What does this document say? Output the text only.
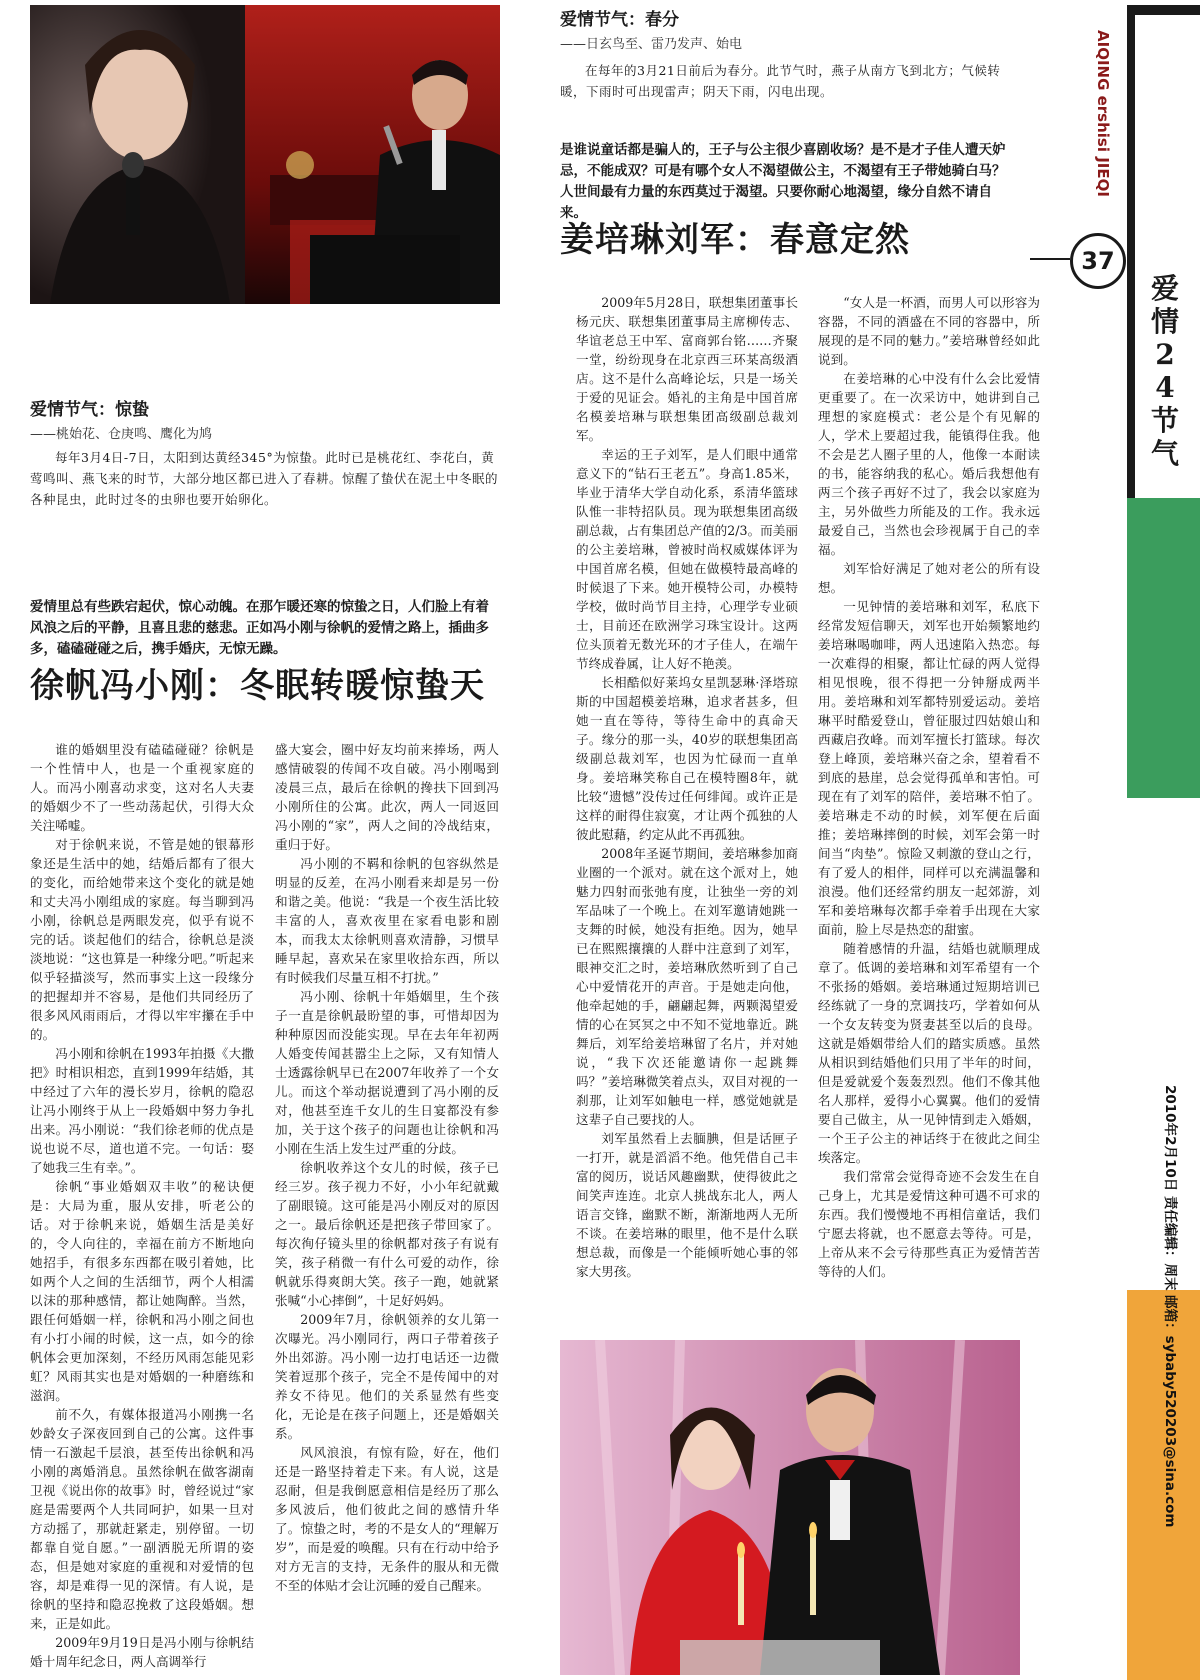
爱情节气：惊蛰
——桃始花、仓庚鸣、鹰化为鸠
每年3月4日-7日，太阳到达黄经345°为惊蛰。此时已是桃花红、李花白，黄莺鸣叫、燕飞来的时节，大部分地区都已进入了春耕。惊醒了蛰伏在泥土中冬眠的各种昆虫，此时过冬的虫卵也要开始卵化。
爱情里总有些跌宕起伏，惊心动魄。在那乍暖还寒的惊蛰之日，人们脸上有着风浪之后的平静，且喜且悲的慈悲。正如冯小刚与徐帆的爱情之路上，插曲多多，磕磕碰碰之后，携手婚庆，无惊无躁。
徐帆冯小刚：冬眠转暖惊蛰天

谁的婚姻里没有磕磕碰碰？徐帆是一个性情中人，也是一个重视家庭的人。而冯小刚喜动求变，这对名人夫妻的婚姻少不了一些动荡起伏，引得大众关注唏嘘。

对于徐帆来说，不管是她的银幕形象还是生活中的她，结婚后都有了很大的变化，而给她带来这个变化的就是她和丈夫冯小刚组成的家庭。每当聊到冯小刚，徐帆总是两眼发亮，似乎有说不完的话。谈起他们的结合，徐帆总是淡淡地说：“这也算是一种缘分吧。”听起来似乎轻描淡写，然而事实上这一段缘分的把握却并不容易，是他们共同经历了很多风风雨雨后，才得以牢牢攥在手中的。

冯小刚和徐帆在1993年拍摄《大撒把》时相识相恋，直到1999年结婚，其中经过了六年的漫长岁月，徐帆的隐忍让冯小刚终于从上一段婚姻中努力争扎出来。冯小刚说：“我们徐老师的优点是说也说不尽，道也道不完。一句话：娶了她我三生有幸。”。

徐帆“事业婚姻双丰收”的秘诀便是：大局为重，服从安排，听老公的话。对于徐帆来说，婚姻生活是美好的，令人向往的，幸福在前方不断地向她招手，有很多东西都在吸引着她，比如两个人之间的生活细节，两个人相濡以沫的那种感情，都让她陶醉。当然，跟任何婚姻一样，徐帆和冯小刚之间也有小打小闹的时候，这一点，如今的徐帆体会更加深刻，不经历风雨怎能见彩虹？风雨其实也是对婚姻的一种磨练和滋润。

前不久，有媒体报道冯小刚携一名妙龄女子深夜回到自己的公寓。这件事情一石激起千层浪，甚至传出徐帆和冯小刚的离婚消息。虽然徐帆在做客湖南卫视《说出你的故事》时，曾经说过“家庭是需要两个人共同呵护，如果一旦对方动摇了，那就赶紧走，别停留。一切都靠自觉自愿。”一副洒脱无所谓的姿态，但是她对家庭的重视和对爱情的包容，却是难得一见的深情。有人说，是徐帆的坚持和隐忍挽救了这段婚姻。想来，正是如此。

2009年9月19日是冯小刚与徐帆结婚十周年纪念日，两人高调举行

盛大宴会，圈中好友均前来捧场，两人感情破裂的传闻不攻自破。冯小刚喝到凌晨三点，最后在徐帆的搀扶下回到冯小刚所住的公寓。此次，两人一同返回冯小刚的“家”，两人之间的冷战结束，重归于好。

冯小刚的不羁和徐帆的包容纵然是明显的反差，在冯小刚看来却是另一份和谐之美。他说：“我是一个夜生活比较丰富的人，喜欢夜里在家看电影和剧本，而我太太徐帆则喜欢清静，习惯早睡早起，喜欢呆在家里收拾东西，所以有时候我们尽量互相不打扰。”

冯小刚、徐帆十年婚姻里，生个孩子一直是徐帆最盼望的事，可惜却因为种种原因而没能实现。早在去年年初两人婚变传闻甚嚣尘上之际，又有知情人士透露徐帆早已在2007年收养了一个女儿。而这个举动据说遭到了冯小刚的反对，他甚至连千女儿的生日宴都没有参加，关于这个孩子的问题也让徐帆和冯小刚在生活上发生过严重的分歧。

徐帆收养这个女儿的时候，孩子已经三岁。孩子视力不好，小小年纪就戴了副眼镜。这可能是冯小刚反对的原因之一。最后徐帆还是把孩子带回家了。每次徇仔镜头里的徐帆都对孩子有说有笑，孩子稍微一有什么可爱的动作，徐帆就乐得爽朗大笑。孩子一跑，她就紧张喊“小心摔倒”，十足好妈妈。

2009年7月，徐帆领养的女儿第一次曝光。冯小刚同行，两口子带着孩子外出郊游。冯小刚一边打电话还一边微笑着逗那个孩子，完全不是传闻中的对养女不待见。他们的关系显然有些变化，无论是在孩子问题上，还是婚姻关系。

风风浪浪，有惊有险，好在，他们还是一路坚持着走下来。有人说，这是忍耐，但是我倒愿意相信是经历了那么多风波后，他们彼此之间的感情升华了。惊蛰之时，考的不是女人的“理解万岁”，而是爱的唤醒。只有在行动中给予对方无言的支持，无条件的服从和无微不至的体贴才会让沉睡的爱自己醒来。

爱情节气：春分
——日玄鸟至、雷乃发声、始电
在每年的3月21日前后为春分。此节气时，燕子从南方飞到北方；气候转暖，下雨时可出现雷声；阴天下雨，闪电出现。
是谁说童话都是骗人的，王子与公主很少喜剧收场？是不是才子佳人遭天妒忌，不能成双？可是有哪个女人不渴望做公主，不渴望有王子带她骑白马？人世间最有力量的东西莫过于渴望。只要你耐心地渴望，缘分自然不请自来。
姜培琳刘军：春意定然

2009年5月28日，联想集团董事长杨元庆、联想集团董事局主席柳传志、华谊老总王中军、富商郭台铭……齐聚一堂，纷纷现身在北京西三环某高级酒店。这不是什么高峰论坛，只是一场关于爱的见证会。婚礼的主角是中国首席名模姜培琳与联想集团高级副总裁刘军。

幸运的王子刘军，是人们眼中通常意义下的“钻石王老五”。身高1.85米，毕业于清华大学自动化系，系清华篮球队惟一非特招队员。现为联想集团高级副总裁，占有集团总产值的2/3。而美丽的公主姜培琳，曾被时尚权威媒体评为中国首席名模，但她在做模特最高峰的时候退了下来。她开模特公司，办模特学校，做时尚节目主持，心理学专业硕士，目前还在欧洲学习珠宝设计。这两位头顶着无数光环的才子佳人，在端午节终成眷属，让人好不艳羡。

长相酷似好莱坞女星凯瑟琳·泽塔琼斯的中国超模姜培琳，追求者甚多，但她一直在等待，等待生命中的真命天子。缘分的那一头，40岁的联想集团高级副总裁刘军，也因为忙碌而一直单身。姜培琳笑称自己在模特圈8年，就比较“遗憾”没传过任何绯闻。或许正是这样的耐得住寂寞，才让两个孤独的人彼此慰藉，约定从此不再孤独。

2008年圣诞节期间，姜培琳参加商业圈的一个派对。就在这个派对上，她魅力四射而张弛有度，让独坐一旁的刘军品味了一个晚上。在刘军邀请她跳一支舞的时候，她没有拒绝。因为，她早已在熙熙攘攘的人群中注意到了刘军，眼神交汇之时，姜培琳欣然听到了自己心中爱情花开的声音。于是她走向他，他牵起她的手，翩翩起舞，两颗渴望爱情的心在冥冥之中不知不觉地靠近。跳舞后，刘军给姜培琳留了名片，并对她说，“我下次还能邀请你一起跳舞吗？”姜培琳微笑着点头，双目对视的一刹那，让刘军如触电一样，感觉她就是这辈子自己要找的人。

刘军虽然看上去腼腆，但是话匣子一打开，就是滔滔不绝。他凭借自己丰富的阅历，说话风趣幽默，使得彼此之间笑声连连。北京人挑战东北人，两人语言交锋，幽默不断，渐渐地两人无所不谈。在姜培琳的眼里，他不是什么联想总裁，而像是一个能倾听她心事的邻家大男孩。

“女人是一杯酒，而男人可以形容为容器，不同的酒盛在不同的容器中，所展现的是不同的魅力。”姜培琳曾经如此说到。

在姜培琳的心中没有什么会比爱情更重要了。在一次采访中，她讲到自己理想的家庭模式：老公是个有见解的人，学术上要超过我，能镇得住我。他不会是艺人圈子里的人，他像一本耐读的书，能容纳我的私心。婚后我想他有两三个孩子再好不过了，我会以家庭为主，另外做些力所能及的工作。我永远最爱自己，当然也会珍视属于自己的幸福。

刘军恰好满足了她对老公的所有设想。

一见钟情的姜培琳和刘军，私底下经常发短信聊天，刘军也开始频繁地约姜培琳喝咖啡，两人迅速陷入热恋。每一次难得的相聚，都让忙碌的两人觉得相见恨晚，很不得把一分钟掰成两半用。姜培琳和刘军都特别爱运动。姜培琳平时酷爱登山，曾征服过四姑娘山和西藏启孜峰。而刘军擅长打篮球。每次登上峰顶，姜培琳兴奋之余，望着看不到底的悬崖，总会觉得孤单和害怕。可现在有了刘军的陪伴，姜培琳不怕了。姜培琳走不动的时候，刘军便在后面推；姜培琳摔倒的时候，刘军会第一时间当“肉垫”。惊险又刺激的登山之行，有了爱人的相伴，同样可以充满温馨和浪漫。他们还经常约朋友一起郊游，刘军和姜培琳每次都手牵着手出现在大家面前，脸上尽是热恋的甜蜜。

随着感情的升温，结婚也就顺理成章了。低调的姜培琳和刘军希望有一个不张扬的婚姻。姜培琳通过短期培训已经练就了一身的烹调技巧，学着如何从一个女友转变为贤妻甚至以后的良母。这就是婚姻带给人们的踏实质感。虽然从相识到结婚他们只用了半年的时间，但是爱就爱个轰轰烈烈。他们不像其他名人那样，爱得小心翼翼。他们的爱情要自己做主，从一见钟情到走入婚姻，一个王子公主的神话终于在彼此之间尘埃落定。

我们常常会觉得奇迹不会发生在自己身上，尤其是爱情这种可遇不可求的东西。我们慢慢地不再相信童话，我们宁愿去将就，也不愿意去等待。可是，上帝从来不会亏待那些真正为爱情苦苦等待的人们。

AIQING ershisi JIEQI
37
爱情24节气
2010年2月10日 责任编辑：周末 邮箱：sybaby520203@sina.com
